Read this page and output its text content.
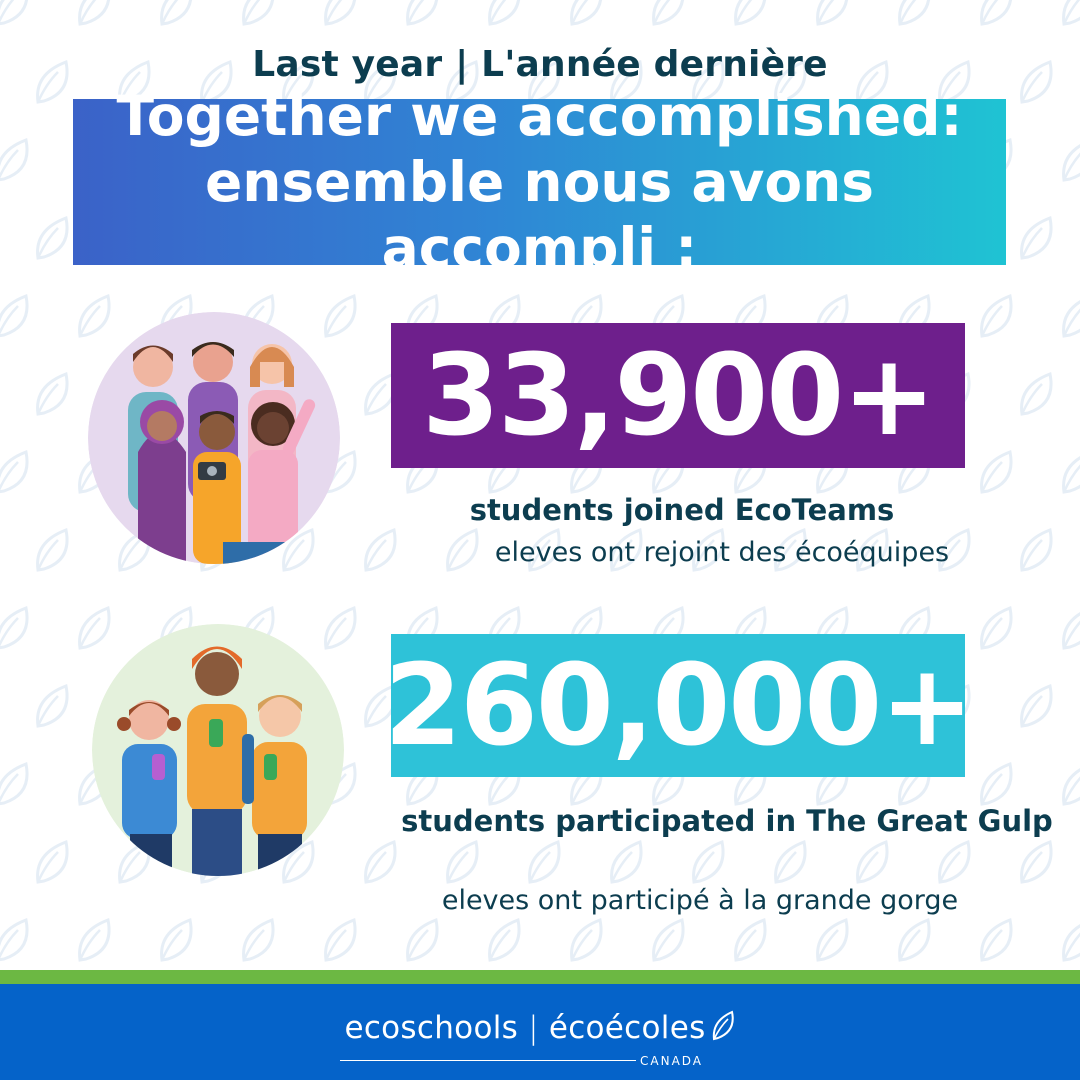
Last year | L'année dernière
Together we accomplished:
ensemble nous avons accompli :
33,900+
students joined EcoTeams
eleves ont rejoint des écoéquipes
260,000+
students participated in The Great Gulp
eleves ont participé à la grande gorge
ecoschools | écoécoles
CANADA
